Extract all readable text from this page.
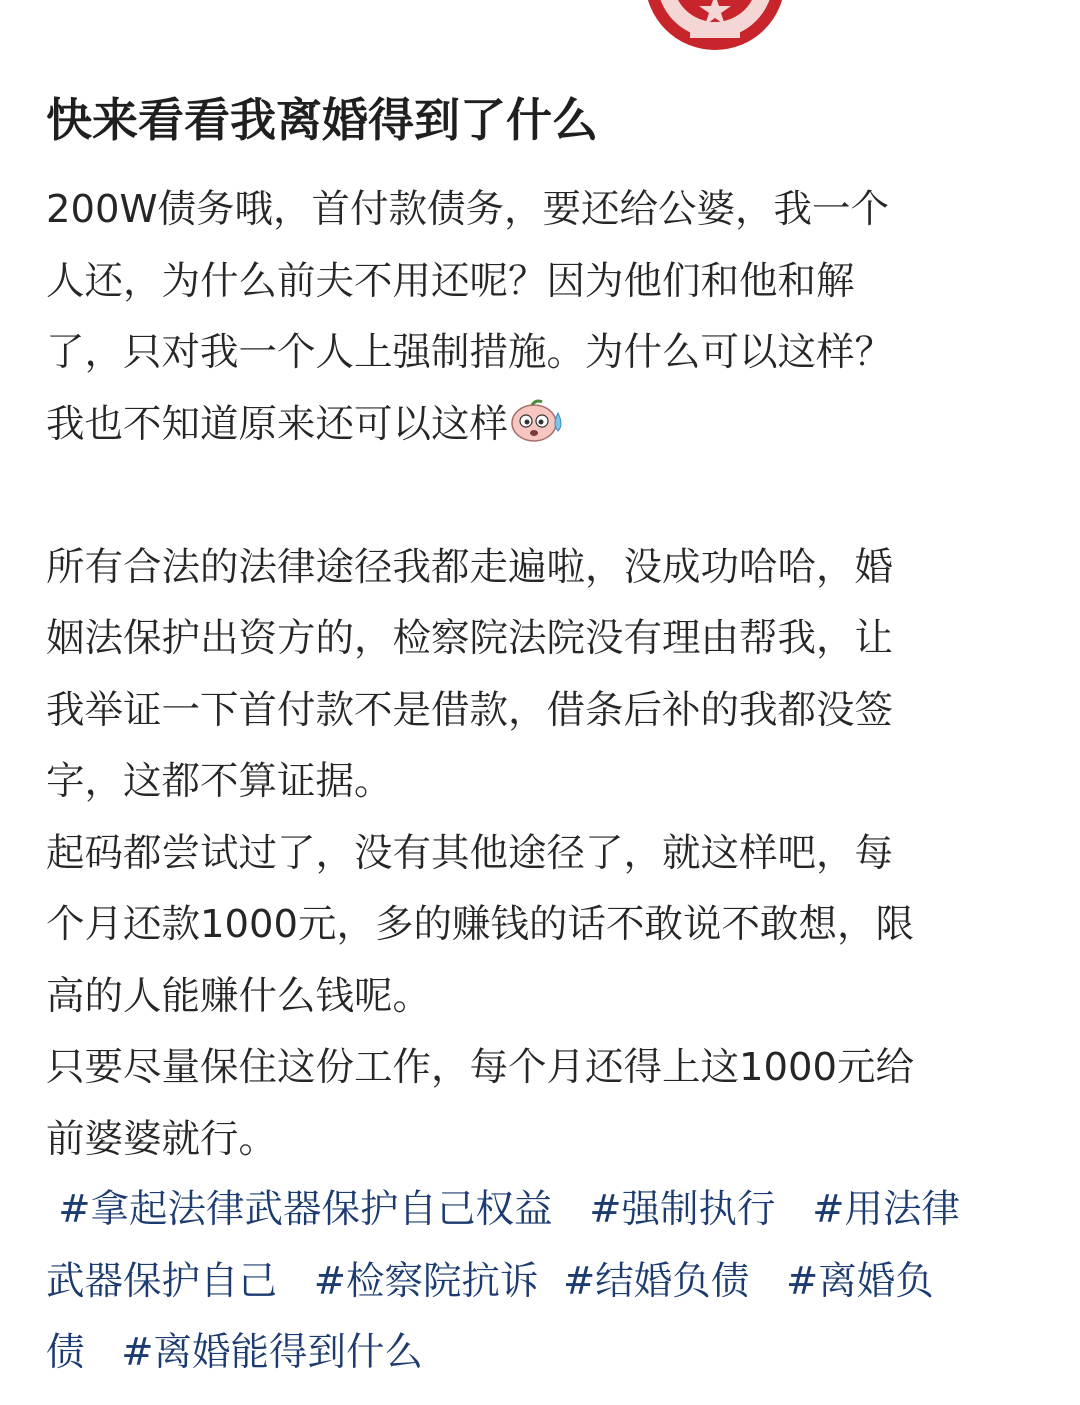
快来看看我离婚得到了什么
200W债务哦，首付款债务，要还给公婆，我一个
人还，为什么前夫不用还呢？因为他们和他和解
了，只对我一个人上强制措施。为什么可以这样？
我也不知道原来还可以这样
所有合法的法律途径我都走遍啦，没成功哈哈，婚
姻法保护出资方的，检察院法院没有理由帮我，让
我举证一下首付款不是借款，借条后补的我都没签
字，这都不算证据。
起码都尝试过了，没有其他途径了，就这样吧，每
个月还款1000元，多的赚钱的话不敢说不敢想，限
高的人能赚什么钱呢。
只要尽量保住这份工作，每个月还得上这1000元给
前婆婆就行。
#拿起法律武器保护自己权益 #强制执行 #用法律
武器保护自己 #检察院抗诉 #结婚负债 #离婚负
债 #离婚能得到什么
